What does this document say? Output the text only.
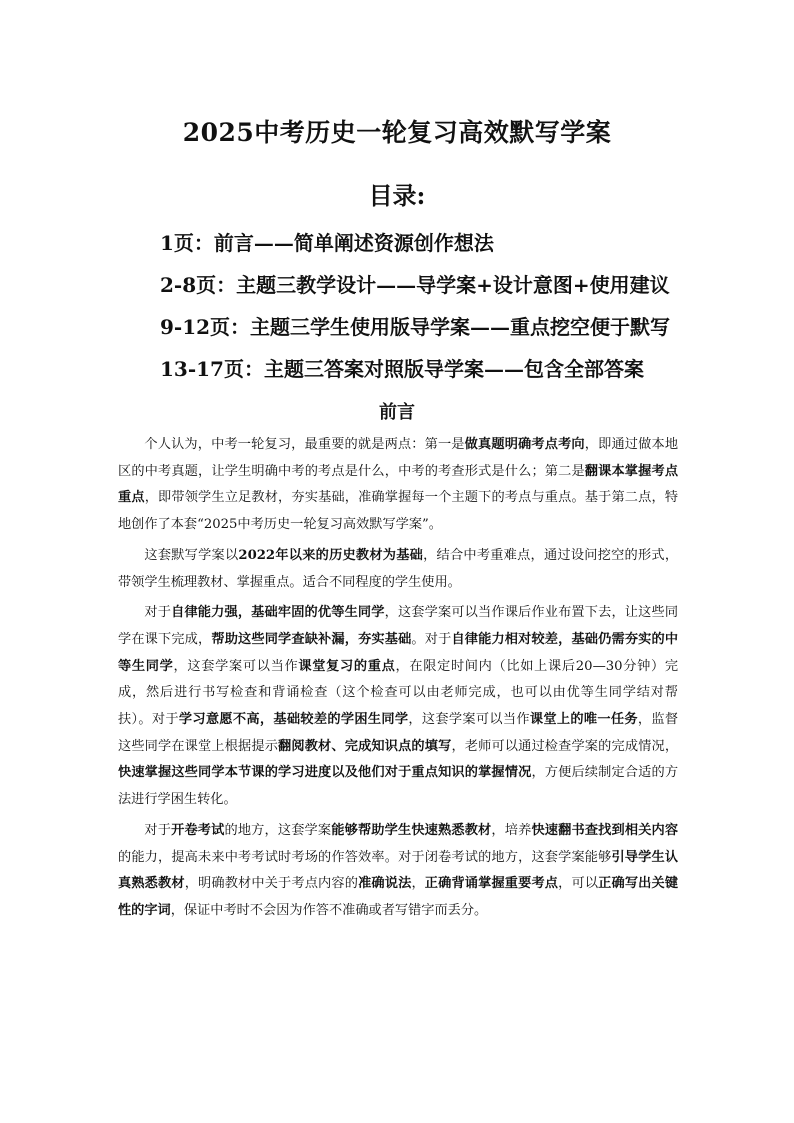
2025中考历史一轮复习高效默写学案
目录:
1页：前言——简单阐述资源创作想法
2-8页：主题三教学设计——导学案+设计意图+使用建议
9-12页：主题三学生使用版导学案——重点挖空便于默写
13-17页：主题三答案对照版导学案——包含全部答案
前言

个人认为，中考一轮复习，最重要的就是两点：第一是做真题明确考点考向，即通过做本地区的中考真题，让学生明确中考的考点是什么，中考的考查形式是什么；第二是翻课本掌握考点重点，即带领学生立足教材，夯实基础，准确掌握每一个主题下的考点与重点。基于第二点，特地创作了本套“2025中考历史一轮复习高效默写学案”。

这套默写学案以2022年以来的历史教材为基础，结合中考重难点，通过设问挖空的形式，带领学生梳理教材、掌握重点。适合不同程度的学生使用。

对于自律能力强，基础牢固的优等生同学，这套学案可以当作课后作业布置下去，让这些同学在课下完成，帮助这些同学查缺补漏，夯实基础。对于自律能力相对较差，基础仍需夯实的中等生同学，这套学案可以当作课堂复习的重点，在限定时间内（比如上课后20—30分钟）完成，然后进行书写检查和背诵检查（这个检查可以由老师完成，也可以由优等生同学结对帮扶）。对于学习意愿不高，基础较差的学困生同学，这套学案可以当作课堂上的唯一任务，监督这些同学在课堂上根据提示翻阅教材、完成知识点的填写，老师可以通过检查学案的完成情况，快速掌握这些同学本节课的学习进度以及他们对于重点知识的掌握情况，方便后续制定合适的方法进行学困生转化。

对于开卷考试的地方，这套学案能够帮助学生快速熟悉教材，培养快速翻书查找到相关内容的能力，提高未来中考考试时考场的作答效率。对于闭卷考试的地方，这套学案能够引导学生认真熟悉教材，明确教材中关于考点内容的准确说法，正确背诵掌握重要考点，可以正确写出关键性的字词，保证中考时不会因为作答不准确或者写错字而丢分。
